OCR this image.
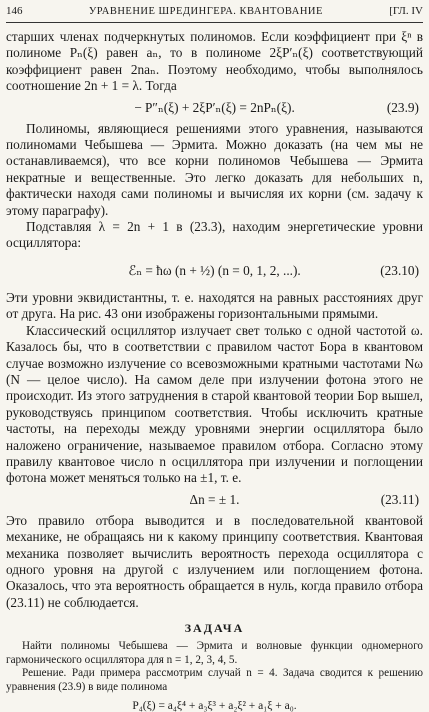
146	УРАВНЕНИЕ ШРЕДИНГЕРА. КВАНТОВАНИЕ	[ГЛ. IV

старших членах подчеркнутых полиномов. Если коэффициент при ξⁿ в полиноме Pₙ(ξ) равен aₙ, то в полиноме 2ξP′ₙ(ξ) соответствующий коэффициент равен 2naₙ. Поэтому необходимо, чтобы выполнялось соотношение 2n + 1 = λ. Тогда

− P″ₙ(ξ) + 2ξP′ₙ(ξ) = 2nPₙ(ξ).	(23.9)

Полиномы, являющиеся решениями этого уравнения, называются полиномами Чебышева — Эрмита. Можно доказать (на чем мы не останавливаемся), что все корни полиномов Чебышева — Эрмита некратные и вещественные. Это легко доказать для небольших n, фактически находя сами полиномы и вычисляя их корни (см. задачу к этому параграфу).

Подставляя λ = 2n + 1 в (23.3), находим энергетические уровни осциллятора:

ℰₙ = ħω (n + ½) (n = 0, 1, 2, ...).	(23.10)

Эти уровни эквидистантны, т. е. находятся на равных расстояниях друг от друга. На рис. 43 они изображены горизонтальными прямыми.

Классический осциллятор излучает свет только с одной частотой ω. Казалось бы, что в соответствии с правилом частот Бора в квантовом случае возможно излучение со всевозможными кратными частотами Nω (N — целое число). На самом деле при излучении фотона этого не происходит. Из этого затруднения в старой квантовой теории Бор вышел, руководствуясь принципом соответствия. Чтобы исключить кратные частоты, на переходы между уровнями энергии осциллятора было наложено ограничение, называемое правилом отбора. Согласно этому правилу квантовое число n осциллятора при излучении и поглощении фотона может меняться только на ±1, т. е.

Δn = ± 1.	(23.11)

Это правило отбора выводится и в последовательной квантовой механике, не обращаясь ни к какому принципу соответствия. Квантовая механика позволяет вычислить вероятность перехода осциллятора с одного уровня на другой с излучением или поглощением фотона. Оказалось, что эта вероятность обращается в нуль, когда правило отбора (23.11) не соблюдается.

ЗАДАЧА

Найти полиномы Чебышева — Эрмита и волновые функции одномерного гармонического осциллятора для n = 1, 2, 3, 4, 5.

Решение. Ради примера рассмотрим случай n = 4. Задача сводится к решению уравнения (23.9) в виде полинома

P₄(ξ) = a₄ξ⁴ + a₃ξ³ + a₂ξ² + a₁ξ + a₀.
